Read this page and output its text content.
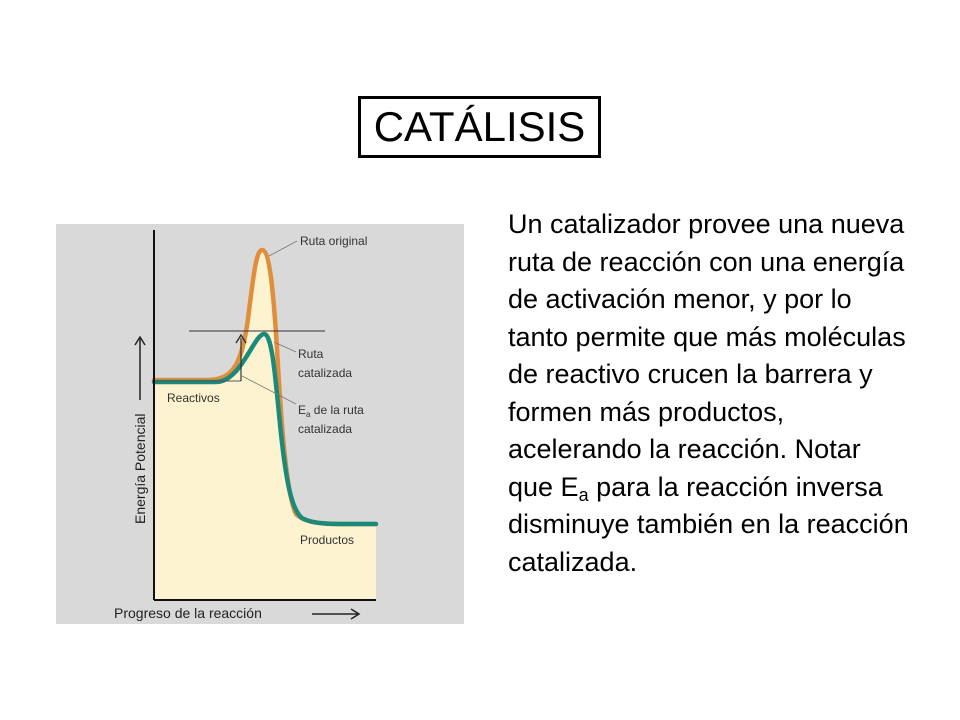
CATÁLISIS
Energía Potencial
Progreso de la reacción
Ruta original
Ruta
catalizada
$E_a$ de la ruta
catalizada
Reactivos
Productos
Un catalizador provee una nueva ruta de reacción con una energía de activación menor, y por lo tanto permite que más moléculas de reactivo crucen la barrera y formen más productos, acelerando la reacción. Notar que $E_a$ para la reacción inversa disminuye también en la reacción catalizada.
